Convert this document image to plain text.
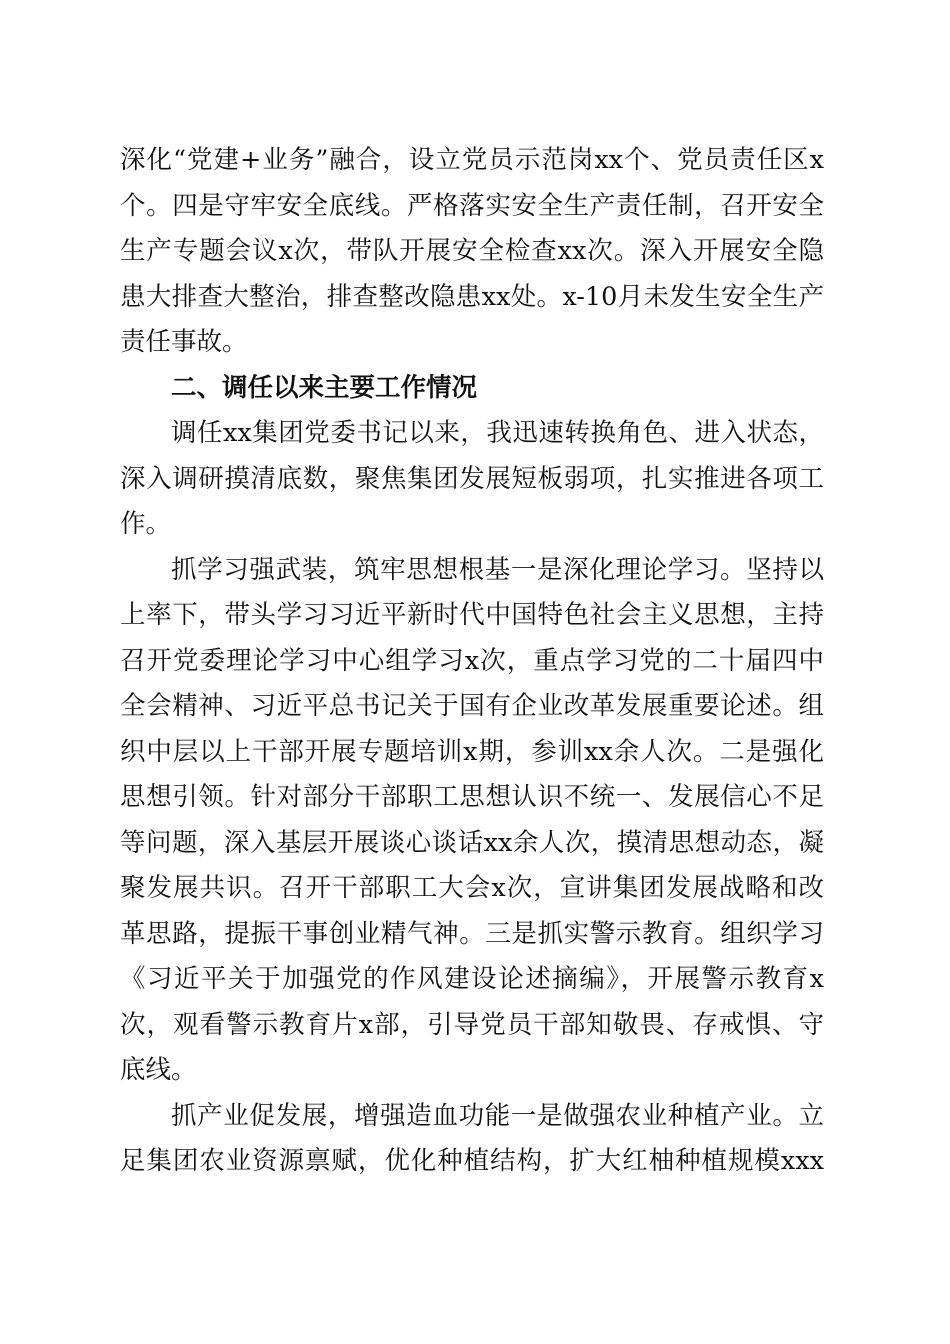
深化“党建+业务”融合，设立党员示范岗xx个、党员责任区x
个。四是守牢安全底线。严格落实安全生产责任制，召开安全
生产专题会议x次，带队开展安全检查xx次。深入开展安全隐
患大排查大整治，排查整改隐患xx处。x-10月未发生安全生产
责任事故。
二、调任以来主要工作情况
调任xx集团党委书记以来，我迅速转换角色、进入状态，
深入调研摸清底数，聚焦集团发展短板弱项，扎实推进各项工
作。
抓学习强武装，筑牢思想根基一是深化理论学习。坚持以
上率下，带头学习习近平新时代中国特色社会主义思想，主持
召开党委理论学习中心组学习x次，重点学习党的二十届四中
全会精神、习近平总书记关于国有企业改革发展重要论述。组
织中层以上干部开展专题培训x期，参训xx余人次。二是强化
思想引领。针对部分干部职工思想认识不统一、发展信心不足
等问题，深入基层开展谈心谈话xx余人次，摸清思想动态，凝
聚发展共识。召开干部职工大会x次，宣讲集团发展战略和改
革思路，提振干事创业精气神。三是抓实警示教育。组织学习
《习近平关于加强党的作风建设论述摘编》，开展警示教育x
次，观看警示教育片x部，引导党员干部知敬畏、存戒惧、守
底线。
抓产业促发展，增强造血功能一是做强农业种植产业。立
足集团农业资源禀赋，优化种植结构，扩大红柚种植规模xxx
